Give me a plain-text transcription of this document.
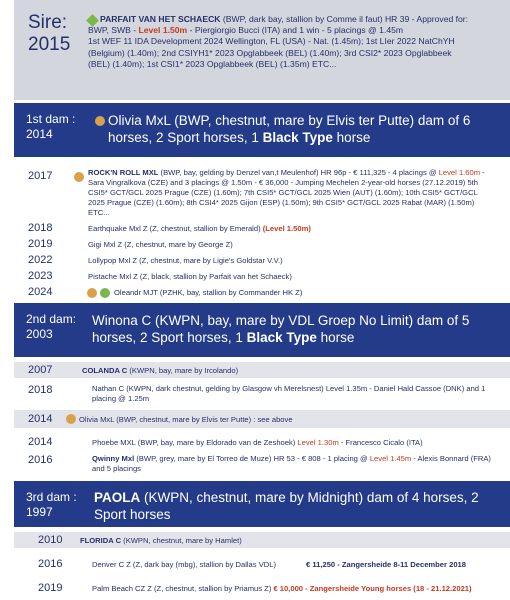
Sire:
2015
PARFAIT VAN HET SCHAECK (BWP, dark bay, stallion by Comme il faut) HR 39 - Approved for: BWP, SWB - Level 1.50m - Piergiorgio Bucci (ITA) and 1 win - 5 placings @ 1.45m
1st WEF 11 IDA Development 2024 Wellington, FL (USA) - Nat. (1.45m); 1st LIer 2022 NatChYH (Belgium) (1.40m); 2nd CSIYH1* 2023 Opglabbeek (BEL) (1.40m); 3rd CSI2* 2023 Opglabbeek (BEL) (1.40m); 1st CSI1* 2023 Opglabbeek (BEL) (1.35m) ETC...
1st dam :
2014
Olivia MxL (BWP, chestnut, mare by Elvis ter Putte) dam of 6 horses, 2 Sport horses, 1 Black Type horse
2017	ROCK'N ROLL MXL (BWP, bay, gelding by Denzel van,t Meulenhof) HR 96p - € 111,325 - 4 placings @ Level 1.60m - Sara Vingralkova (CZE) and 3 placings @ 1.50m - € 36,000 - Jumping Mechelen 2-year-old horses (27.12.2019) 5th CSI5* GCT/GCL 2025 Prague (CZE) (1.60m); 7th CSI5* GCT/GCL 2025 Wien (AUT) (1.60m); 10th CSI5* GCT/GCL 2025 Prague (CZE) (1.60m); 8th CSI4* 2025 Gijon (ESP) (1.50m); 9th CSI5* GCT/GCL 2025 Rabat (MAR) (1.50m) ETC...
2018	Earthquake Mxl Z (Z, chestnut, stallion by Emerald) (Level 1.50m)
2019	Gigi Mxl Z (Z, chestnut, mare by George Z)
2022	Lollypop Mxl Z (Z, chestnut, mare by Ligie's Goldstar V.V.)
2023	Pistache Mxl Z (Z, black, stallion by Parfait van het Schaeck)
2024	Oleandr MJT (PZHK, bay, stallion by Commander HK Z)
2nd dam:
2003
Winona C (KWPN, bay, mare by VDL Groep No Limit) dam of 5 horses, 2 Sport horses, 1 Black Type horse
2007	COLANDA C (KWPN, bay, mare by Ircolando)
2018	Nathan C (KWPN, dark chestnut, gelding by Glasgow vh Merelsnest) Level 1.35m - Daniel Hald Cassoe (DNK) and 1 placing @ 1.25m
2014	Olivia MxL (BWP, chestnut, mare by Elvis ter Putte) : see above
2014	Phoebe MXL (BWP, bay, mare by Eldorado van de Zeshoek) Level 1.30m - Francesco Cicalo (ITA)
2016	Qwinny Mxl (BWP, grey, mare by El Torreo de Muze) HR 53 - € 808 - 1 placing @ Level 1.45m - Alexis Bonnard (FRA) and 5 placings
3rd dam :
1997
PAOLA (KWPN, chestnut, mare by Midnight) dam of 4 horses, 2 Sport horses
2010 FLORIDA C (KWPN, chestnut, mare by Hamlet)
2016	Denver C Z (Z, dark bay (mbg), stallion by Dallas VDL)	€ 11,250 - Zangersheide 8-11 December 2018
2019	Palm Beach CZ Z (Z, chestnut, stallion by Priamus Z) € 10,000 - Zangersheide Young horses (18 - 21.12.2021)
